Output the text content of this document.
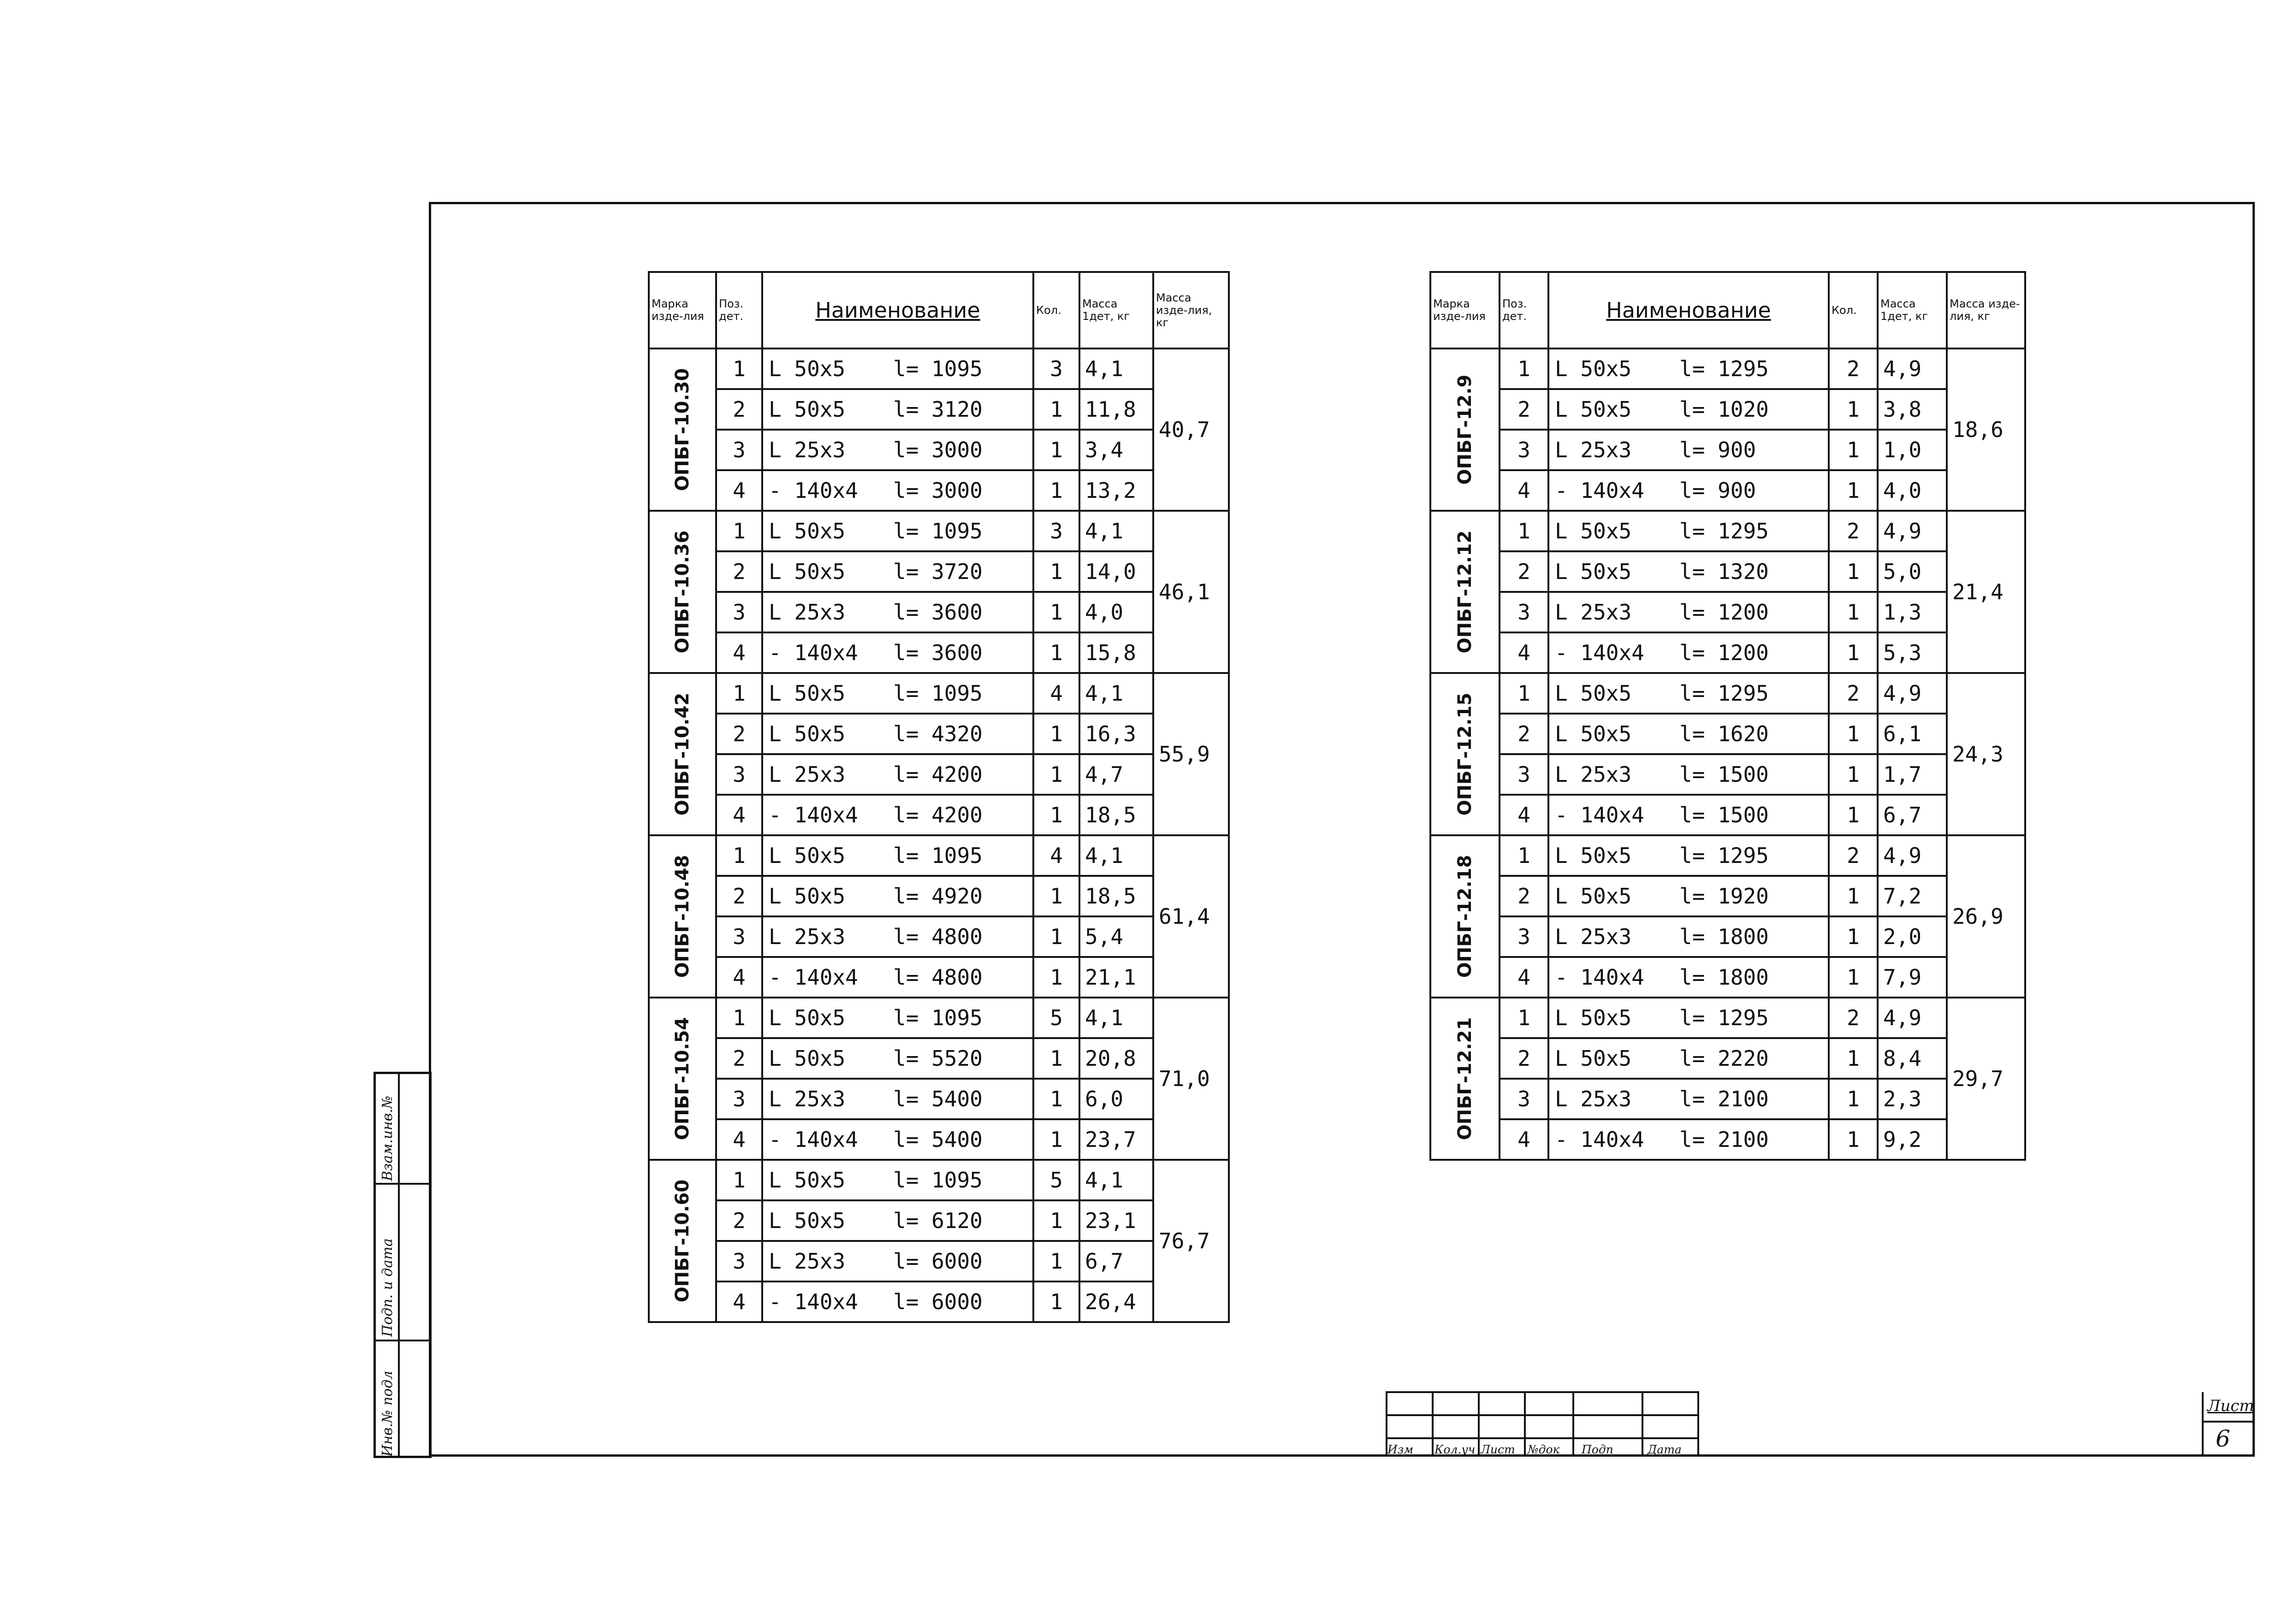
Инв.№ подл
Подп. и дата
Взам.инв.№
Марка изде-лия	Поз. дет.	Наименование	Кол.	Масса 1дет, кг	Масса изде-лия, кг

ОПБГ-10.30	1	L 50x5 l= 1095	3	4,1	40,7
	2	L 50x5 l= 3120	1	11,8	
	3	L 25x3 l= 3000	1	3,4	
	4	- 140x4 l= 3000	1	13,2	

ОПБГ-10.36	1	L 50x5 l= 1095	3	4,1	46,1
	2	L 50x5 l= 3720	1	14,0	
	3	L 25x3 l= 3600	1	4,0	
	4	- 140x4 l= 3600	1	15,8	

ОПБГ-10.42	1	L 50x5 l= 1095	4	4,1	55,9
	2	L 50x5 l= 4320	1	16,3	
	3	L 25x3 l= 4200	1	4,7	
	4	- 140x4 l= 4200	1	18,5	

ОПБГ-10.48	1	L 50x5 l= 1095	4	4,1	61,4
	2	L 50x5 l= 4920	1	18,5	
	3	L 25x3 l= 4800	1	5,4	
	4	- 140x4 l= 4800	1	21,1	

ОПБГ-10.54	1	L 50x5 l= 1095	5	4,1	71,0
	2	L 50x5 l= 5520	1	20,8	
	3	L 25x3 l= 5400	1	6,0	
	4	- 140x4 l= 5400	1	23,7	

ОПБГ-10.60	1	L 50x5 l= 1095	5	4,1	76,7
	2	L 50x5 l= 6120	1	23,1	
	3	L 25x3 l= 6000	1	6,7	
	4	- 140x4 l= 6000	1	26,4	
Марка изде-лия	Поз. дет.	Наименование	Кол.	Масса 1дет, кг	Масса изде-лия, кг

ОПБГ-12.9	1	L 50x5 l= 1295	2	4,9	18,6
	2	L 50x5 l= 1020	1	3,8	
	3	L 25x3 l= 900	1	1,0	
	4	- 140x4 l= 900	1	4,0	

ОПБГ-12.12	1	L 50x5 l= 1295	2	4,9	21,4
	2	L 50x5 l= 1320	1	5,0	
	3	L 25x3 l= 1200	1	1,3	
	4	- 140x4 l= 1200	1	5,3	

ОПБГ-12.15	1	L 50x5 l= 1295	2	4,9	24,3
	2	L 50x5 l= 1620	1	6,1	
	3	L 25x3 l= 1500	1	1,7	
	4	- 140x4 l= 1500	1	6,7	

ОПБГ-12.18	1	L 50x5 l= 1295	2	4,9	26,9
	2	L 50x5 l= 1920	1	7,2	
	3	L 25x3 l= 1800	1	2,0	
	4	- 140x4 l= 1800	1	7,9	

ОПБГ-12.21	1	L 50x5 l= 1295	2	4,9	29,7
	2	L 50x5 l= 2220	1	8,4	
	3	L 25x3 l= 2100	1	2,3	
	4	- 140x4 l= 2100	1	9,2	
Изм Кол.уч Лист №док Подп	Дата
Лист
6
